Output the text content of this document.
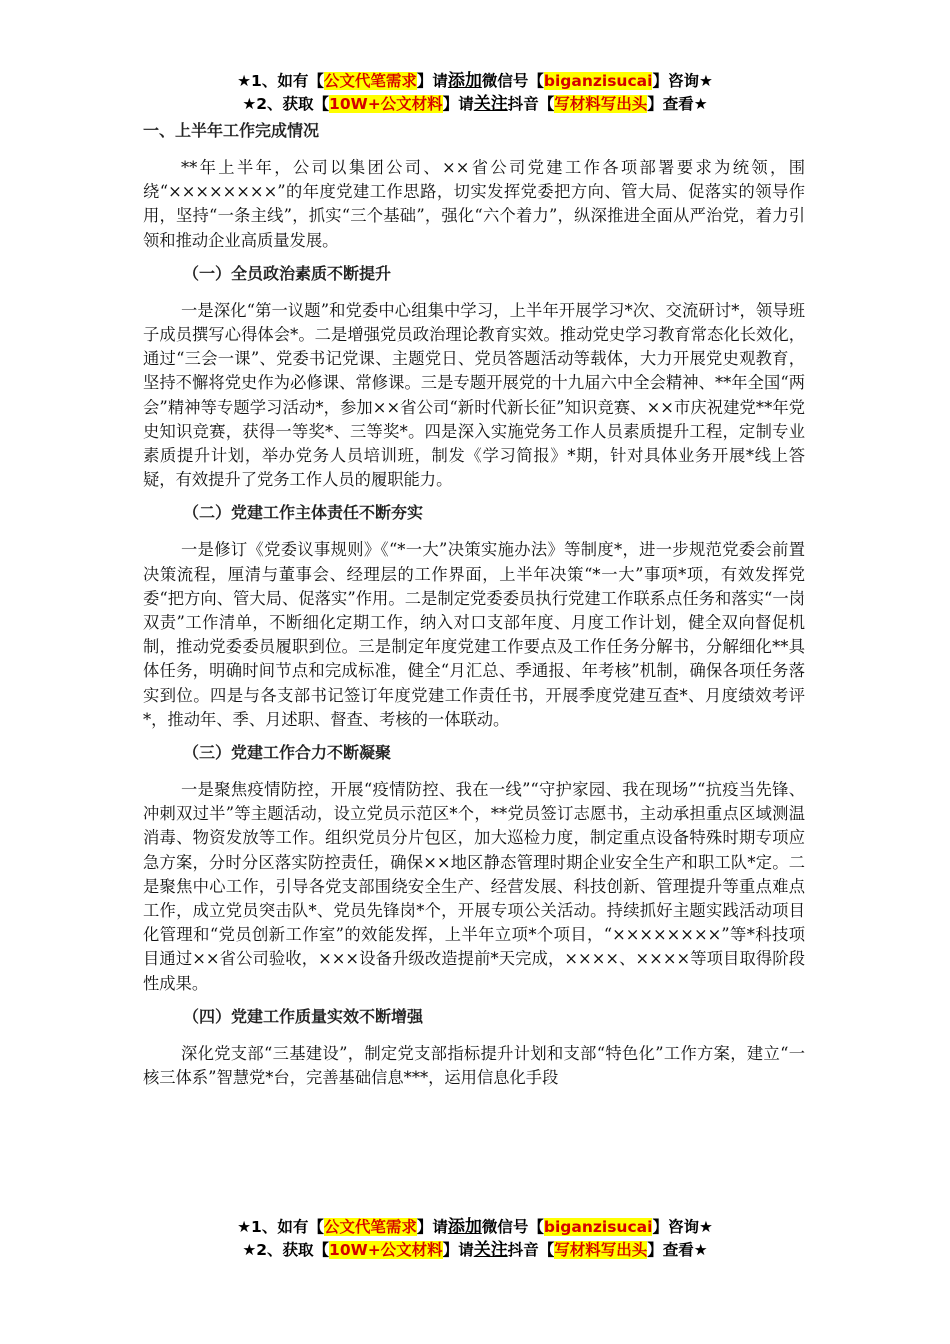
★1、如有【公文代笔需求】请添加微信号【biganzisucai】咨询★
★2、获取【10W+公文材料】请关注抖音【写材料写出头】查看★
一、上半年工作完成情况
**年上半年，公司以集团公司、××省公司党建工作各项部署要求为统领，围绕“××××××××”的年度党建工作思路，切实发挥党委把方向、管大局、促落实的领导作用，坚持“一条主线”，抓实“三个基础”，强化“六个着力”，纵深推进全面从严治党，着力引领和推动企业高质量发展。
（一）全员政治素质不断提升
一是深化“第一议题”和党委中心组集中学习，上半年开展学习*次、交流研讨*，领导班子成员撰写心得体会*。二是增强党员政治理论教育实效。推动党史学习教育常态化长效化，通过“三会一课”、党委书记党课、主题党日、党员答题活动等载体，大力开展党史观教育，坚持不懈将党史作为必修课、常修课。三是专题开展党的十九届六中全会精神、**年全国“两会”精神等专题学习活动*，参加××省公司“新时代新长征”知识竞赛、××市庆祝建党**年党史知识竞赛，获得一等奖*、三等奖*。四是深入实施党务工作人员素质提升工程，定制专业素质提升计划，举办党务人员培训班，制发《学习简报》*期，针对具体业务开展*线上答疑，有效提升了党务工作人员的履职能力。
（二）党建工作主体责任不断夯实
一是修订《党委议事规则》《“*一大”决策实施办法》等制度*，进一步规范党委会前置决策流程，厘清与董事会、经理层的工作界面，上半年决策“*一大”事项*项，有效发挥党委“把方向、管大局、促落实”作用。二是制定党委委员执行党建工作联系点任务和落实“一岗双责”工作清单，不断细化定期工作，纳入对口支部年度、月度工作计划，健全双向督促机制，推动党委委员履职到位。三是制定年度党建工作要点及工作任务分解书，分解细化**具体任务，明确时间节点和完成标准，健全“月汇总、季通报、年考核”机制，确保各项任务落实到位。四是与各支部书记签订年度党建工作责任书，开展季度党建互查*、月度绩效考评*，推动年、季、月述职、督查、考核的一体联动。
（三）党建工作合力不断凝聚
一是聚焦疫情防控，开展“疫情防控、我在一线”“守护家园、我在现场”“抗疫当先锋、冲刺双过半”等主题活动，设立党员示范区*个，**党员签订志愿书，主动承担重点区域测温消毒、物资发放等工作。组织党员分片包区，加大巡检力度，制定重点设备特殊时期专项应急方案，分时分区落实防控责任，确保××地区静态管理时期企业安全生产和职工队*定。二是聚焦中心工作，引导各党支部围绕安全生产、经营发展、科技创新、管理提升等重点难点工作，成立党员突击队*、党员先锋岗*个，开展专项公关活动。持续抓好主题实践活动项目化管理和“党员创新工作室”的效能发挥，上半年立项*个项目，“××××××××”等*科技项目通过××省公司验收，×××设备升级改造提前*天完成，××××、××××等项目取得阶段性成果。
（四）党建工作质量实效不断增强
深化党支部“三基建设”，制定党支部指标提升计划和支部“特色化”工作方案，建立“一核三体系”智慧党*台，完善基础信息***，运用信息化手段
★1、如有【公文代笔需求】请添加微信号【biganzisucai】咨询★
★2、获取【10W+公文材料】请关注抖音【写材料写出头】查看★
